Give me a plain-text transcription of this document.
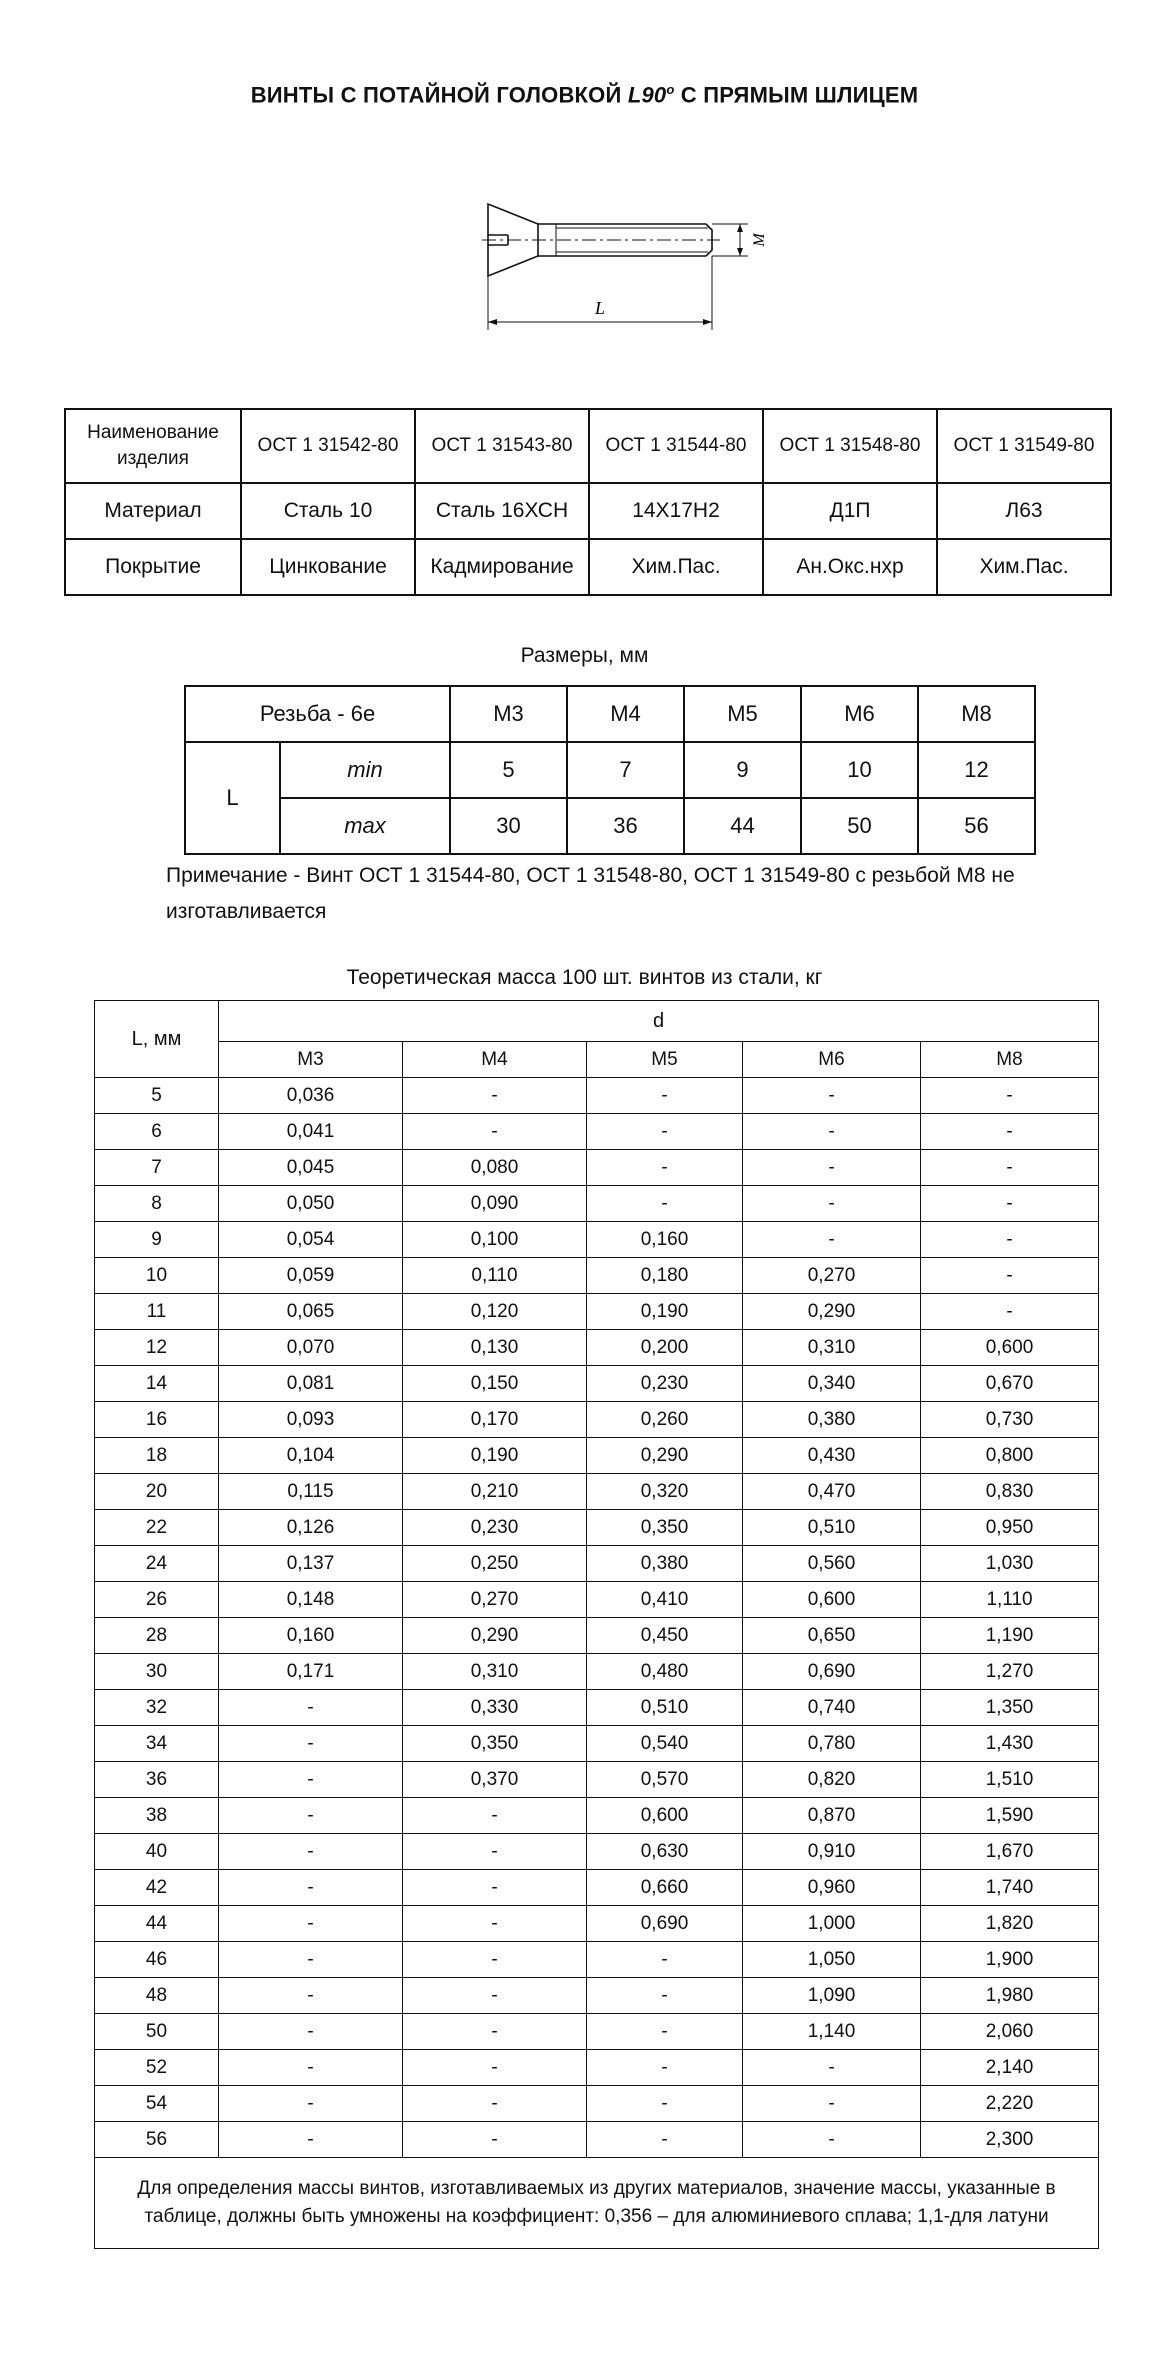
ВИНТЫ С ПОТАЙНОЙ ГОЛОВКОЙ $L90^о$ С ПРЯМЫМ ШЛИЦЕМ
M
L
Наименование изделия	ОСТ 1 31542-80	ОСТ 1 31543-80	ОСТ 1 31544-80	ОСТ 1 31548-80	ОСТ 1 31549-80
Материал	Сталь 10	Сталь 16ХСН	14Х17Н2	Д1П	Л63
Покрытие	Цинкование	Кадмирование	Хим.Пас.	Ан.Окс.нхр	Хим.Пас.
Размеры, мм
Резьба - 6е		М3	М4	М5	М6	М8
L	min	5	7	9	10	12
	max	30	36	44	50	56
Примечание - Винт ОСТ 1 31544-80, ОСТ 1 31548-80, ОСТ 1 31549-80 с резьбой М8 не изготавливается
Теоретическая масса 100 шт. винтов из стали, кг
L, мм	d				
	М3	М4	М5	М6	М8
5	0,036	-	-	-	-
6	0,041	-	-	-	-
7	0,045	0,080	-	-	-
8	0,050	0,090	-	-	-
9	0,054	0,100	0,160	-	-
10	0,059	0,110	0,180	0,270	-
11	0,065	0,120	0,190	0,290	-
12	0,070	0,130	0,200	0,310	0,600
14	0,081	0,150	0,230	0,340	0,670
16	0,093	0,170	0,260	0,380	0,730
18	0,104	0,190	0,290	0,430	0,800
20	0,115	0,210	0,320	0,470	0,830
22	0,126	0,230	0,350	0,510	0,950
24	0,137	0,250	0,380	0,560	1,030
26	0,148	0,270	0,410	0,600	1,110
28	0,160	0,290	0,450	0,650	1,190
30	0,171	0,310	0,480	0,690	1,270
32	-	0,330	0,510	0,740	1,350
34	-	0,350	0,540	0,780	1,430
36	-	0,370	0,570	0,820	1,510
38	-	-	0,600	0,870	1,590
40	-	-	0,630	0,910	1,670
42	-	-	0,660	0,960	1,740
44	-	-	0,690	1,000	1,820
46	-	-	-	1,050	1,900
48	-	-	-	1,090	1,980
50	-	-	-	1,140	2,060
52	-	-	-	-	2,140
54	-	-	-	-	2,220
56	-	-	-	-	2,300
Для определения массы винтов, изготавливаемых из других материалов, значение массы, указанные в таблице, должны быть умножены на коэффициент: 0,356 – для алюминиевого сплава; 1,1-для латуни					
